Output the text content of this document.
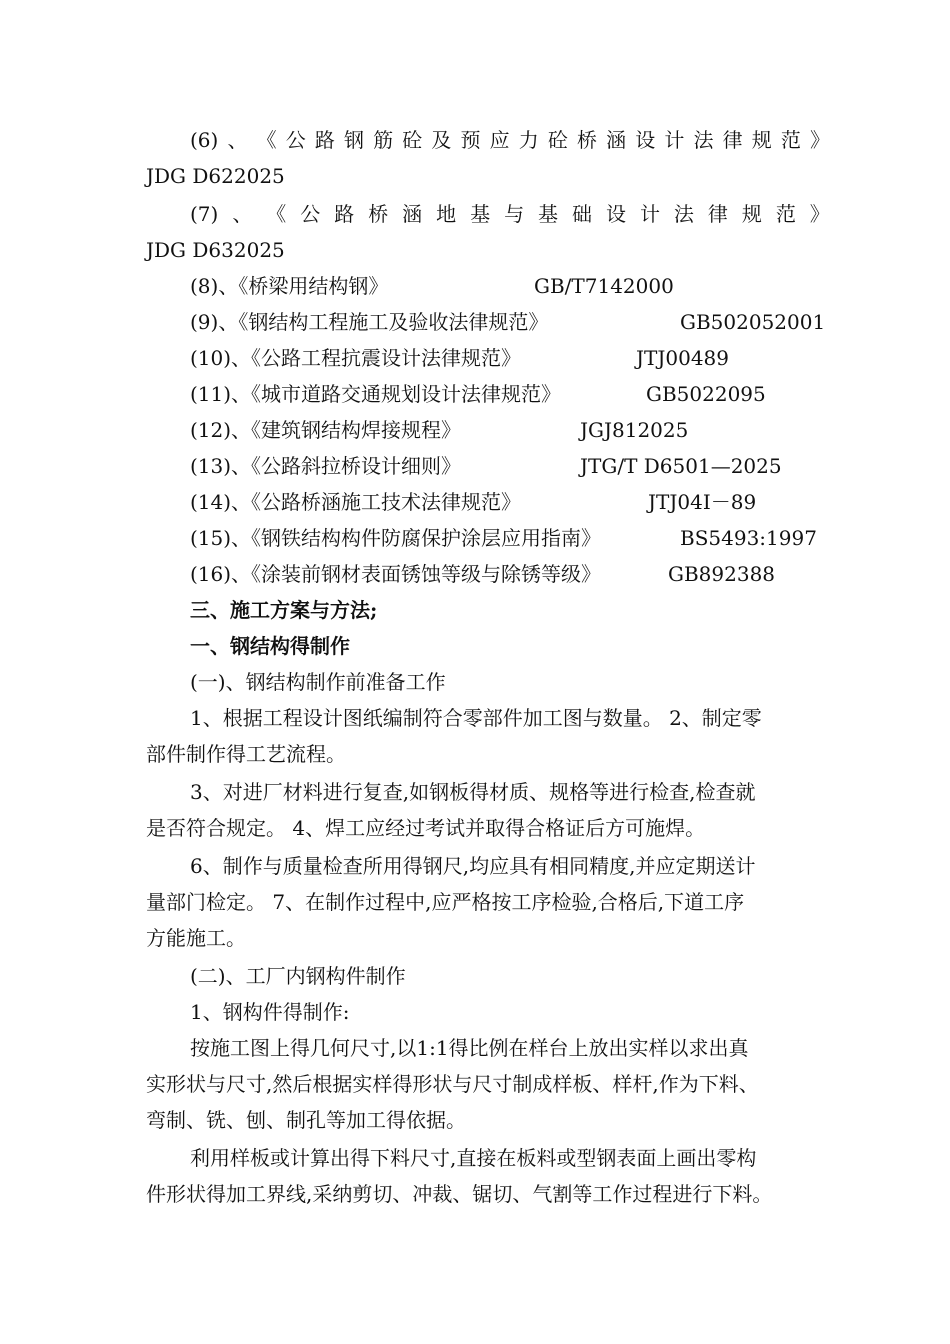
(6) 、 《 公 路 钢 筋 砼 及 预 应 力 砼 桥 涵 设 计 法 律 规 范 》
JDG D622025
(7) 、 《 公 路 桥 涵 地 基 与 基 础 设 计 法 律 规 范 》
JDG D632025
(8)、《桥梁用结构钢》	GB/T7142000
(9)、《钢结构工程施工及验收法律规范》	GB502052001
(10)、《公路工程抗震设计法律规范》	JTJ00489
(11)、《城市道路交通规划设计法律规范》	GB5022095
(12)、《建筑钢结构焊接规程》	JGJ812025
(13)、《公路斜拉桥设计细则》	JTG/T D6501—2025
(14)、《公路桥涵施工技术法律规范》	JTJ04I－89
(15)、《钢铁结构构件防腐保护涂层应用指南》	BS5493:1997
(16)、《涂装前钢材表面锈蚀等级与除锈等级》	GB892388
三、施工方案与方法;
一、钢结构得制作
(一)、钢结构制作前准备工作
1、根据工程设计图纸编制符合零部件加工图与数量。 2、制定零
部件制作得工艺流程。
3、对进厂材料进行复查,如钢板得材质、规格等进行检查,检查就
是否符合规定。 4、焊工应经过考试并取得合格证后方可施焊。
6、制作与质量检查所用得钢尺,均应具有相同精度,并应定期送计
量部门检定。 7、在制作过程中,应严格按工序检验,合格后,下道工序
方能施工。
(二)、工厂内钢构件制作
1、钢构件得制作:
按施工图上得几何尺寸,以1:1得比例在样台上放出实样以求出真
实形状与尺寸,然后根据实样得形状与尺寸制成样板、样杆,作为下料、
弯制、铣、刨、制孔等加工得依据。
利用样板或计算出得下料尺寸,直接在板料或型钢表面上画出零构
件形状得加工界线,采纳剪切、冲裁、锯切、气割等工作过程进行下料。
